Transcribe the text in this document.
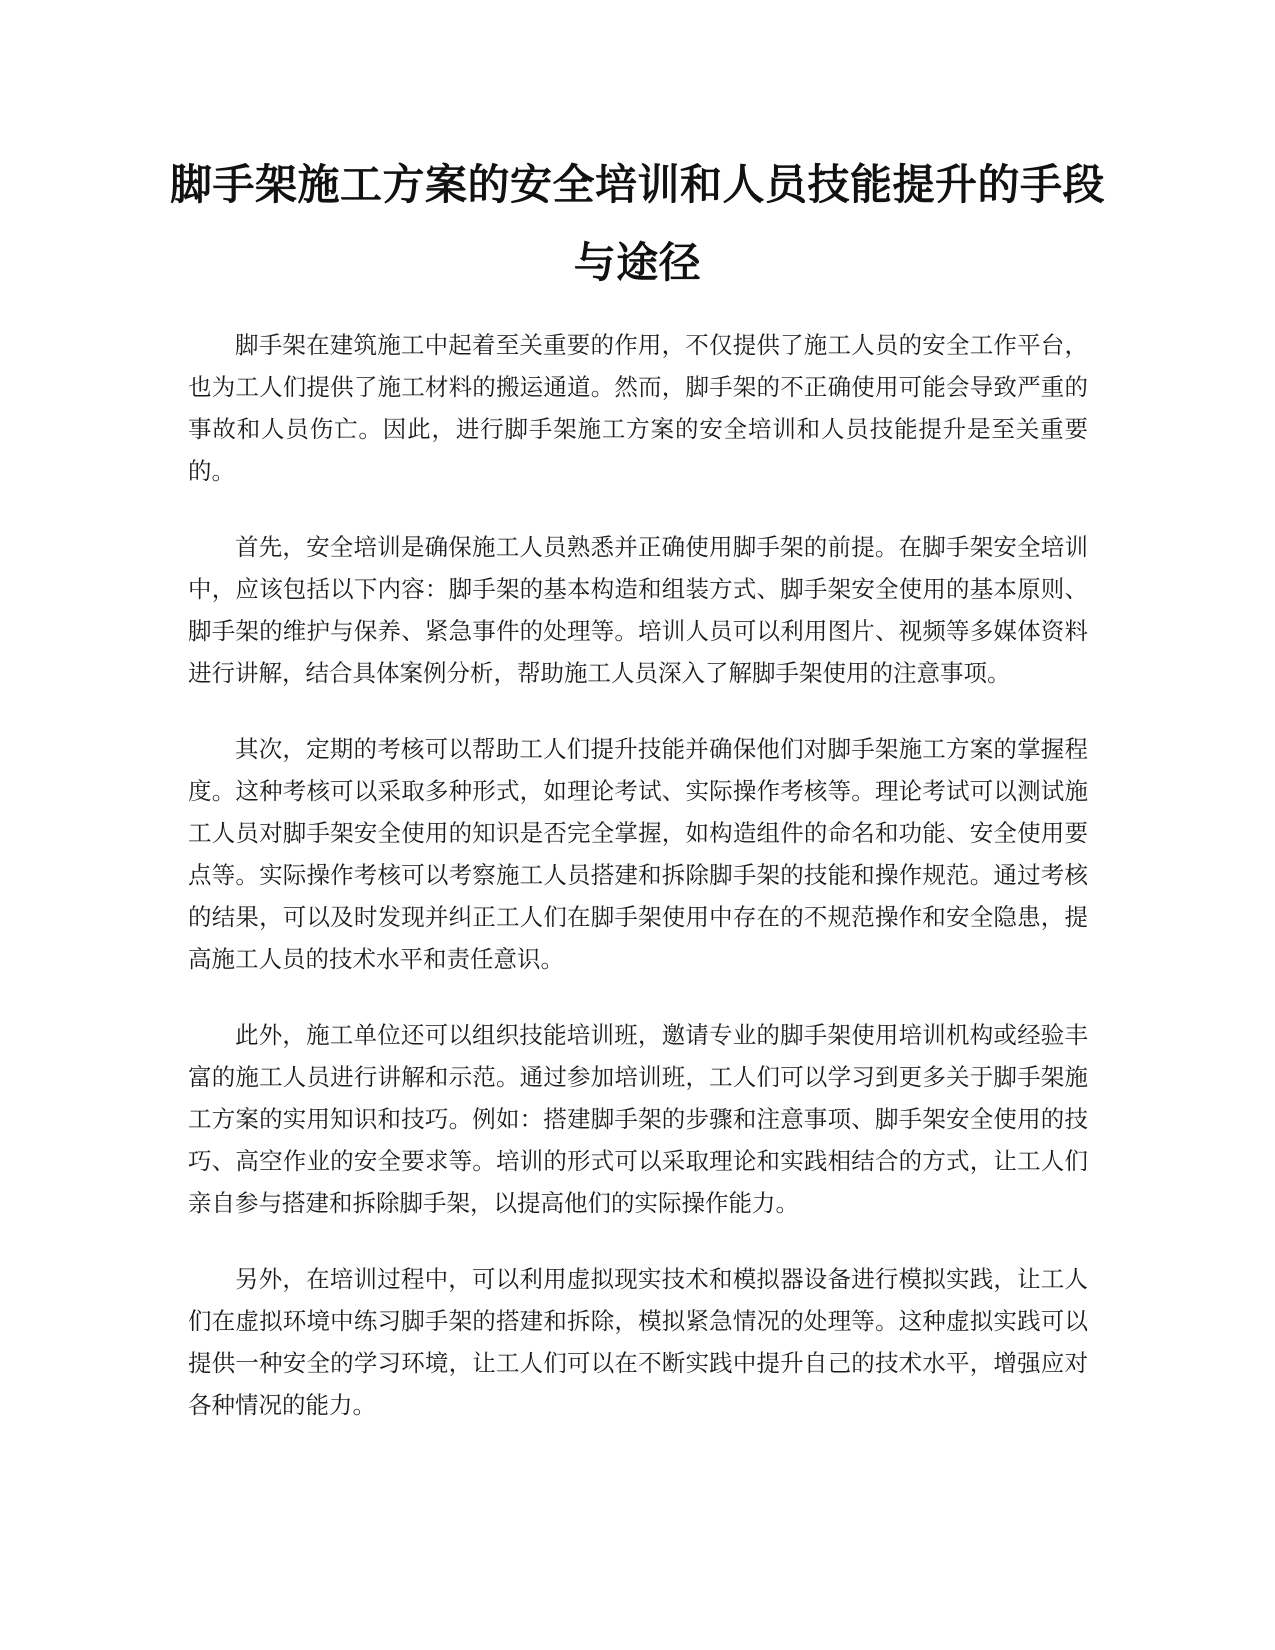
脚手架施工方案的安全培训和人员技能提升的手段与途径

脚手架在建筑施工中起着至关重要的作用，不仅提供了施工人员的安全工作平台，也为工人们提供了施工材料的搬运通道。然而，脚手架的不正确使用可能会导致严重的事故和人员伤亡。因此，进行脚手架施工方案的安全培训和人员技能提升是至关重要的。

首先，安全培训是确保施工人员熟悉并正确使用脚手架的前提。在脚手架安全培训中，应该包括以下内容：脚手架的基本构造和组装方式、脚手架安全使用的基本原则、脚手架的维护与保养、紧急事件的处理等。培训人员可以利用图片、视频等多媒体资料进行讲解，结合具体案例分析，帮助施工人员深入了解脚手架使用的注意事项。

其次，定期的考核可以帮助工人们提升技能并确保他们对脚手架施工方案的掌握程度。这种考核可以采取多种形式，如理论考试、实际操作考核等。理论考试可以测试施工人员对脚手架安全使用的知识是否完全掌握，如构造组件的命名和功能、安全使用要点等。实际操作考核可以考察施工人员搭建和拆除脚手架的技能和操作规范。通过考核的结果，可以及时发现并纠正工人们在脚手架使用中存在的不规范操作和安全隐患，提高施工人员的技术水平和责任意识。

此外，施工单位还可以组织技能培训班，邀请专业的脚手架使用培训机构或经验丰富的施工人员进行讲解和示范。通过参加培训班，工人们可以学习到更多关于脚手架施工方案的实用知识和技巧。例如：搭建脚手架的步骤和注意事项、脚手架安全使用的技巧、高空作业的安全要求等。培训的形式可以采取理论和实践相结合的方式，让工人们亲自参与搭建和拆除脚手架，以提高他们的实际操作能力。

另外，在培训过程中，可以利用虚拟现实技术和模拟器设备进行模拟实践，让工人们在虚拟环境中练习脚手架的搭建和拆除，模拟紧急情况的处理等。这种虚拟实践可以提供一种安全的学习环境，让工人们可以在不断实践中提升自己的技术水平，增强应对各种情况的能力。
